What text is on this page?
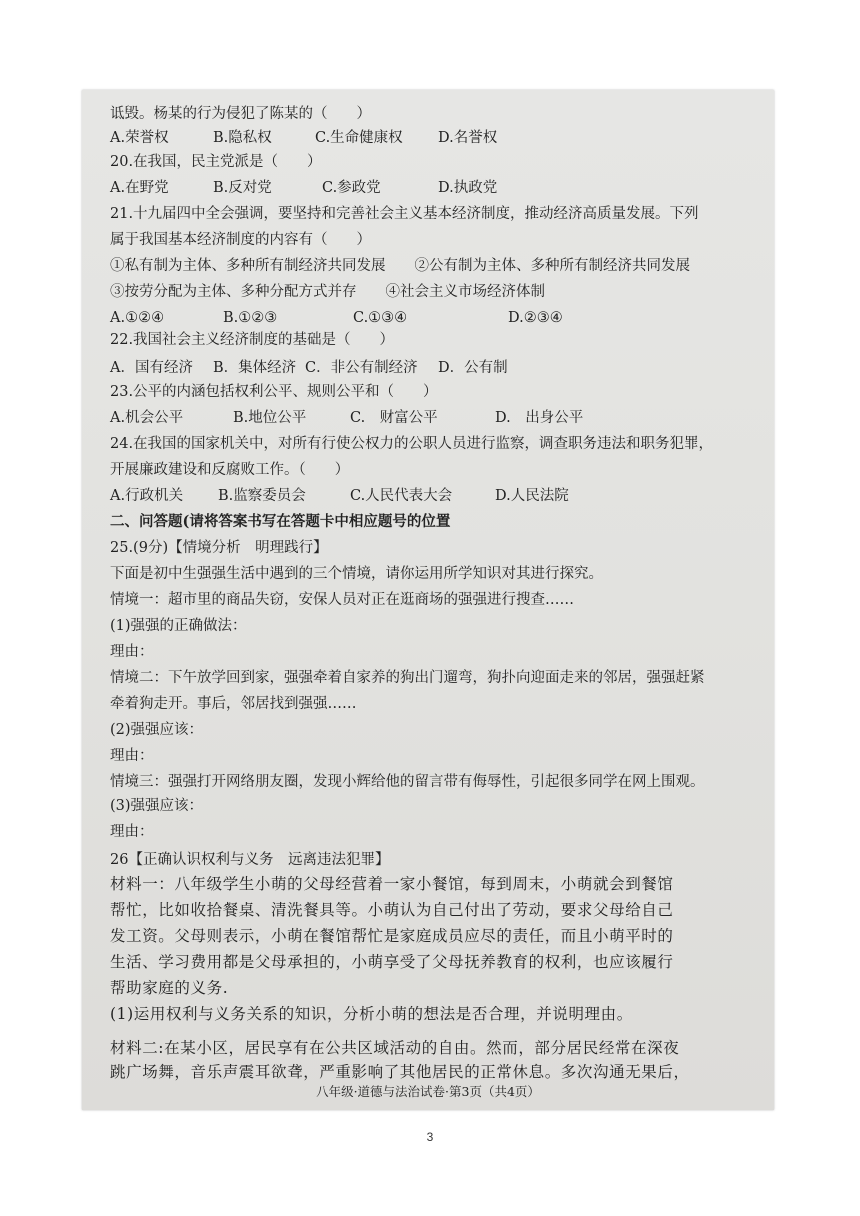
诋毁。杨某的行为侵犯了陈某的（　　）
A.荣誉权	B.隐私权	C.生命健康权 D.名誉权
20.在我国，民主党派是（　　）
A.在野党	B.反对党	C.参政党	D.执政党
21.十九届四中全会强调，要坚持和完善社会主义基本经济制度，推动经济高质量发展。下列
属于我国基本经济制度的内容有（　　）
①私有制为主体、多种所有制经济共同发展　　②公有制为主体、多种所有制经济共同发展
③按劳分配为主体、多种分配方式并存　　④社会主义市场经济体制
A.①②④	B.①②③	C.①③④	D.②③④
22.我国社会主义经济制度的基础是（　　）
A．国有经济 B．集体经济 C．非公有制经济 D．公有制
23.公平的内涵包括权利公平、规则公平和（　　）
A.机会公平	B.地位公平	C.　财富公平	D.　出身公平
24.在我国的国家机关中，对所有行使公权力的公职人员进行监察，调查职务违法和职务犯罪，
开展廉政建设和反腐败工作。（　　）
A.行政机关 B.监察委员会	C.人民代表大会	D.人民法院
二、问答题(请将答案书写在答题卡中相应题号的位置
25.(9分)【情境分析　明理践行】
下面是初中生强强生活中遇到的三个情境，请你运用所学知识对其进行探究。
情境一：超市里的商品失窃，安保人员对正在逛商场的强强进行搜查……
(1)强强的正确做法：
理由：
情境二：下午放学回到家，强强牵着自家养的狗出门遛弯，狗扑向迎面走来的邻居，强强赶紧
牵着狗走开。事后，邻居找到强强……
(2)强强应该：
理由：
情境三：强强打开网络朋友圈，发现小辉给他的留言带有侮辱性，引起很多同学在网上围观。
(3)强强应该：
理由：
26【正确认识权利与义务　远离违法犯罪】
材料一：八年级学生小萌的父母经营着一家小餐馆，每到周末，小萌就会到餐馆
帮忙，比如收拾餐桌、清洗餐具等。小萌认为自己付出了劳动，要求父母给自己
发工资。父母则表示，小萌在餐馆帮忙是家庭成员应尽的责任，而且小萌平时的
生活、学习费用都是父母承担的，小萌享受了父母抚养教育的权利，也应该履行
帮助家庭的义务.
(1)运用权利与义务关系的知识，分析小萌的想法是否合理，并说明理由。
材料二:在某小区，居民享有在公共区域活动的自由。然而，部分居民经常在深夜
跳广场舞，音乐声震耳欲聋，严重影响了其他居民的正常休息。多次沟通无果后，
八年级·道德与法治试卷·第3页（共4页）
3
